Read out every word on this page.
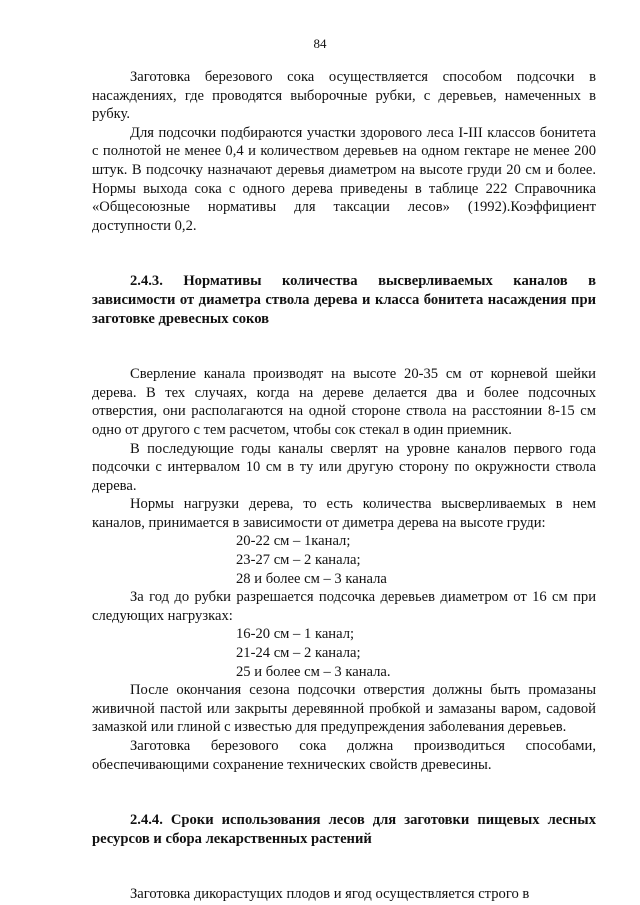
84

Заготовка березового сока осуществляется способом подсочки в насаждениях, где проводятся выборочные рубки, с деревьев, намеченных в рубку.

Для подсочки подбираются участки здорового леса I-III классов бонитета с полнотой не менее 0,4 и количеством деревьев на одном гектаре не менее 200 штук. В подсочку назначают деревья диаметром на высоте груди 20 см и более. Нормы выхода сока с одного дерева приведены в таблице 222 Справочника «Общесоюзные нормативы для таксации лесов» (1992).Коэффициент доступности 0,2.

2.4.3. Нормативы количества высверливаемых каналов в зависимости от диаметра ствола дерева и класса бонитета насаждения при заготовке древесных соков

Сверление канала производят на высоте 20-35 см от корневой шейки дерева. В тех случаях, когда на дереве делается два и более подсочных отверстия, они располагаются на одной стороне ствола на расстоянии 8-15 см одно от другого с тем расчетом, чтобы сок стекал в один приемник.

В последующие годы каналы сверлят на уровне каналов первого года подсочки с интервалом 10 см в ту или другую сторону по окружности ствола дерева.

Нормы нагрузки дерева, то есть количества высверливаемых в нем каналов, принимается в зависимости от диметра дерева на высоте груди:

20-22 см – 1канал;
23-27 см – 2 канала;
28 и более см – 3 канала

За год до рубки разрешается подсочка деревьев диаметром от 16 см при следующих нагрузках:

16-20 см – 1 канал;
21-24 см – 2 канала;
25 и более см – 3 канала.

После окончания сезона подсочки отверстия должны быть промазаны живичной пастой или закрыты деревянной пробкой и замазаны варом, садовой замазкой или глиной с известью для предупреждения заболевания деревьев.

Заготовка березового сока должна производиться способами, обеспечивающими сохранение технических свойств древесины.

2.4.4. Сроки использования лесов для заготовки пищевых лесных ресурсов и сбора лекарственных растений

Заготовка дикорастущих плодов и ягод осуществляется строго в
